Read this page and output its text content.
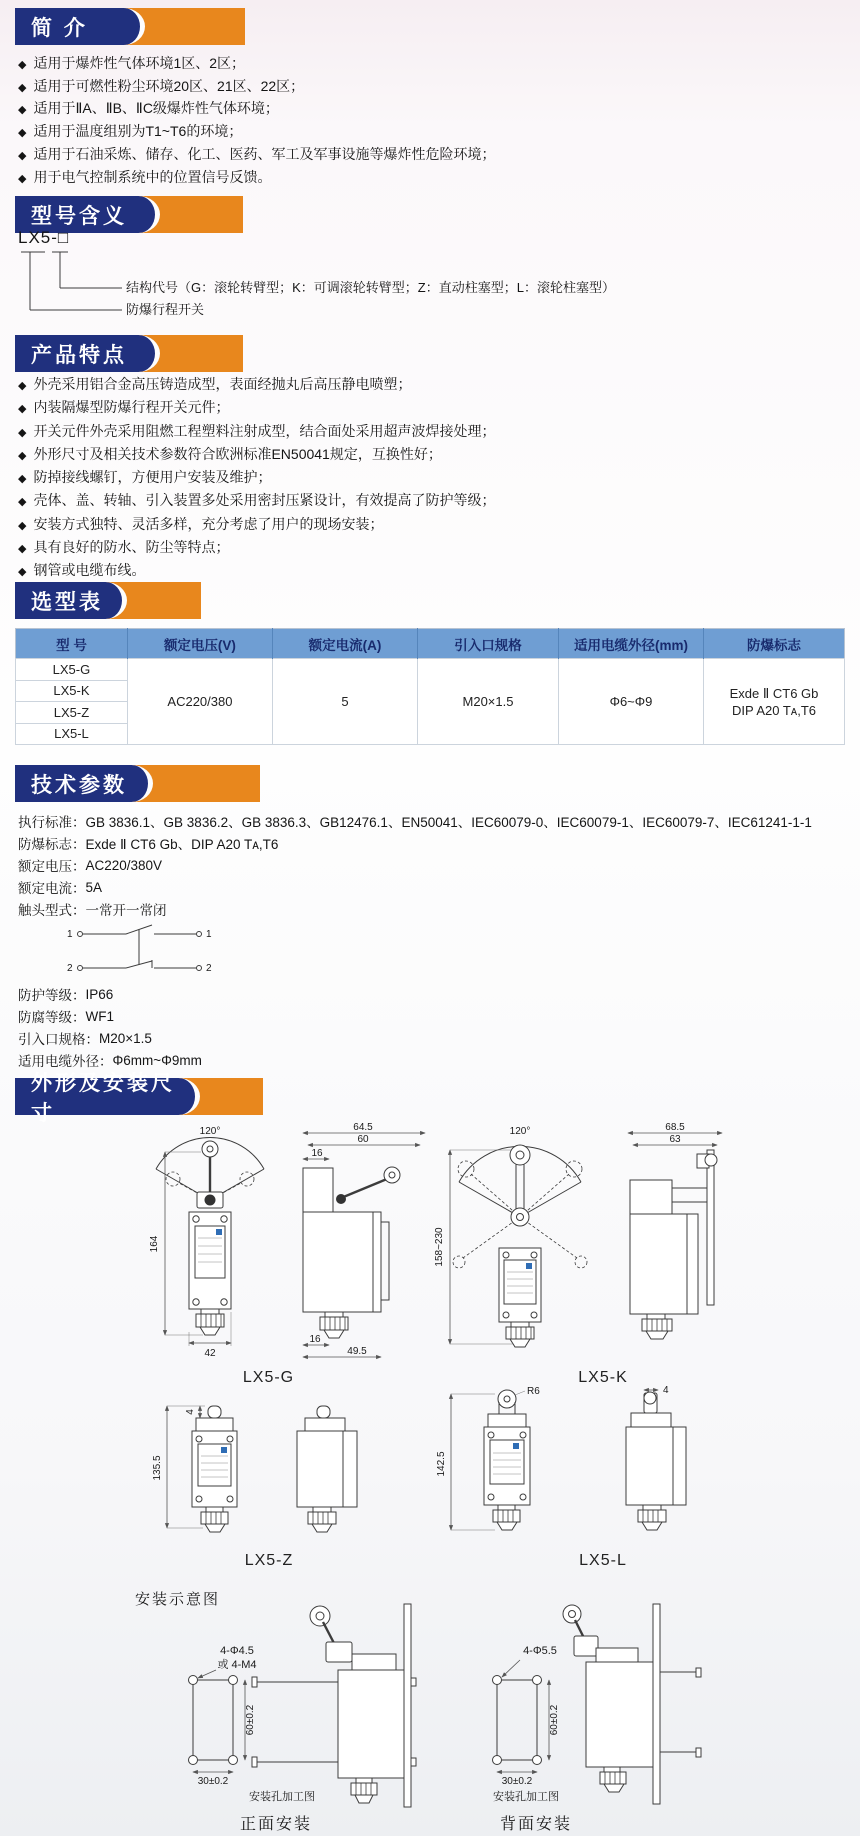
简 介
◆ 适用于爆炸性气体环境1区、2区；
◆ 适用于可燃性粉尘环境20区、21区、22区；
◆ 适用于ⅡA、ⅡB、ⅡC级爆炸性气体环境；
◆ 适用于温度组别为T1~T6的环境；
◆ 适用于石油采炼、储存、化工、医药、军工及军事设施等爆炸性危险环境；
◆ 用于电气控制系统中的位置信号反馈。
型号含义
LX5-□
结构代号（G：滚轮转臂型；K：可调滚轮转臂型；Z：直动柱塞型；L：滚轮柱塞型）
防爆行程开关
产品特点
◆ 外壳采用铝合金高压铸造成型，表面经抛丸后高压静电喷塑；
◆ 内装隔爆型防爆行程开关元件；
◆ 开关元件外壳采用阻燃工程塑料注射成型，结合面处采用超声波焊接处理；
◆ 外形尺寸及相关技术参数符合欧洲标准EN50041规定，互换性好；
◆ 防掉接线螺钉，方便用户安装及维护；
◆ 壳体、盖、转轴、引入装置多处采用密封压紧设计，有效提高了防护等级；
◆ 安装方式独特、灵活多样，充分考虑了用户的现场安装；
◆ 具有良好的防水、防尘等特点；
◆ 钢管或电缆布线。
选型表
型 号	额定电压(V)	额定电流(A)	引入口规格	适用电缆外径(mm)	防爆标志
LX5-G	AC220/380	5	M20×1.5	Φ6~Φ9	Exde Ⅱ CT6 Gb
DIP A20 Tᴀ,T6

LX5-K					
LX5-Z					
LX5-L					
技术参数
执行标准： GB 3836.1、GB 3836.2、GB 3836.3、GB12476.1、EN50041、IEC60079-0、IEC60079-1、IEC60079-7、IEC61241-1-1
防爆标志： Exde Ⅱ CT6 Gb、DIP A20 Tᴀ,T6
额定电压： AC220/380V
额定电流： 5A
触头型式： 一常开一常闭
1	1
2	2
防护等级： IP66
防腐等级： WF1
引入口规格： M20×1.5
适用电缆外径： Φ6mm~Φ9mm
外形及安装尺寸
120°
164
42
64.5
60
16
16
49.5
LX5-G
120°
158~230
68.5
63
LX5-K
4
135.5
LX5-Z
R6
142.5
4
LX5-L
安装示意图
4-Φ4.5
或 4-M4
60±0.2
30±0.2
安装孔加工图
正面安装
4-Φ5.5
60±0.2
30±0.2
安装孔加工图
背面安装
